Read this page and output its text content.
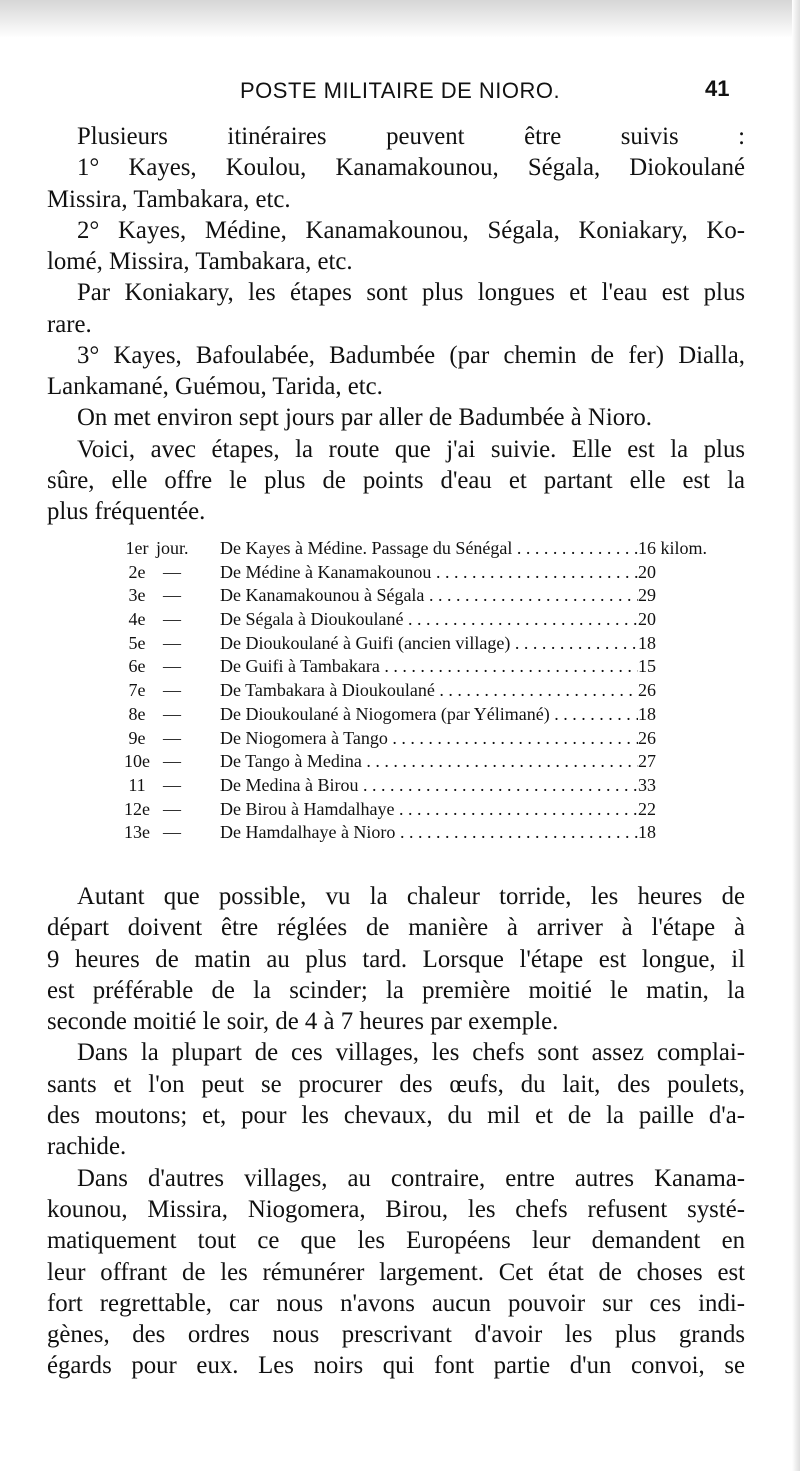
POSTE MILITAIRE DE NIORO.	41
Plusieurs itinéraires peuvent être suivis :
1° Kayes, Koulou, Kanamakounou, Ségala, Diokoulané
Missira, Tambakara, etc.
2° Kayes, Médine, Kanamakounou, Ségala, Koniakary, Ko-
lomé, Missira, Tambakara, etc.
Par Koniakary, les étapes sont plus longues et l'eau est plus
rare.
3° Kayes, Bafoulabée, Badumbée (par chemin de fer) Dialla,
Lankamané, Guémou, Tarida, etc.
On met environ sept jours par aller de Badumbée à Nioro.
Voici, avec étapes, la route que j'ai suivie. Elle est la plus
sûre, elle offre le plus de points d'eau et partant elle est la
plus fréquentée.
1er jour.	De Kayes à Médine. Passage du Sénégal . . .	16 kilom.
2e —	De Médine à Kanamakounou . . .	20
3e —	De Kanamakounou à Ségala . . .	29
4e —	De Ségala à Dioukoulané . . .	20
5e —	De Dioukoulané à Guifi (ancien village) . . .	18
6e —	De Guifi à Tambakara . . .	15
7e —	De Tambakara à Dioukoulané . . .	26
8e —	De Dioukoulané à Niogomera (par Yélimané) . . .	18
9e —	De Niogomera à Tango . . .	26
10e —	De Tango à Medina . . .	27
11 —	De Medina à Birou . . .	33
12e —	De Birou à Hamdalhaye . . .	22
13e —	De Hamdalhaye à Nioro . . .	18
Autant que possible, vu la chaleur torride, les heures de
départ doivent être réglées de manière à arriver à l'étape à
9 heures de matin au plus tard. Lorsque l'étape est longue, il
est préférable de la scinder; la première moitié le matin, la
seconde moitié le soir, de 4 à 7 heures par exemple.
Dans la plupart de ces villages, les chefs sont assez complai-
sants et l'on peut se procurer des œufs, du lait, des poulets,
des moutons; et, pour les chevaux, du mil et de la paille d'a-
rachide.
Dans d'autres villages, au contraire, entre autres Kanama-
kounou, Missira, Niogomera, Birou, les chefs refusent systé-
matiquement tout ce que les Européens leur demandent en
leur offrant de les rémunérer largement. Cet état de choses est
fort regrettable, car nous n'avons aucun pouvoir sur ces indi-
gènes, des ordres nous prescrivant d'avoir les plus grands
égards pour eux. Les noirs qui font partie d'un convoi, se
